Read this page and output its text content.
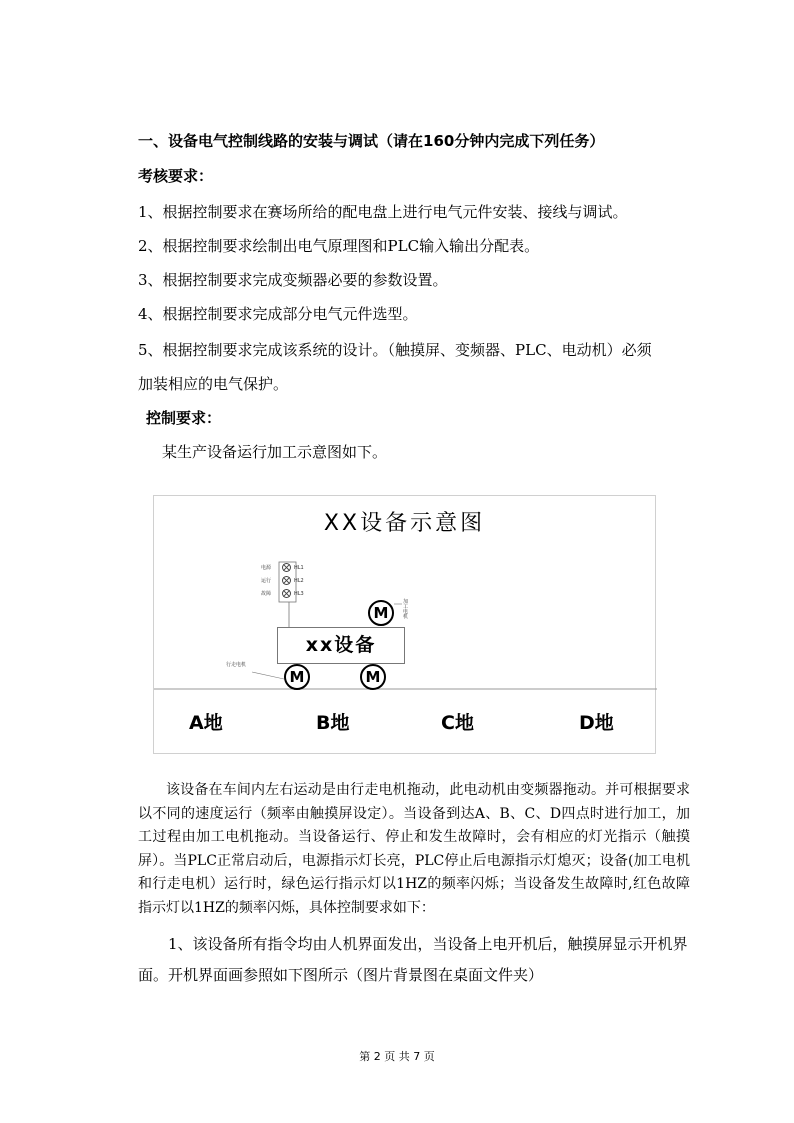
一、设备电气控制线路的安装与调试（请在160分钟内完成下列任务）
考核要求：
1、根据控制要求在赛场所给的配电盘上进行电气元件安装、接线与调试。
2、根据控制要求绘制出电气原理图和PLC输入输出分配表。
3、根据控制要求完成变频器必要的参数设置。
4、根据控制要求完成部分电气元件选型。
5、根据控制要求完成该系统的设计。（触摸屏、变频器、PLC、电动机）必须
加装相应的电气保护。
控制要求：
某生产设备运行加工示意图如下。
XX设备示意图
电源
运行
故障
HL1
HL2
HL3
M
加工电机
xx设备
行走电机
M	M
A地	B地	C地	D地
该设备在车间内左右运动是由行走电机拖动，此电动机由变频器拖动。并可根据要求以不同的速度运行（频率由触摸屏设定）。当设备到达A、B、C、D四点时进行加工，加工过程由加工电机拖动。当设备运行、停止和发生故障时，会有相应的灯光指示（触摸屏）。当PLC正常启动后，电源指示灯长亮，PLC停止后电源指示灯熄灭；设备(加工电机和行走电机）运行时，绿色运行指示灯以1HZ的频率闪烁；当设备发生故障时,红色故障指示灯以1HZ的频率闪烁，具体控制要求如下：
1、该设备所有指令均由人机界面发出，当设备上电开机后，触摸屏显示开机界面。开机界面画参照如下图所示（图片背景图在桌面文件夹）
第 2 页 共 7 页
